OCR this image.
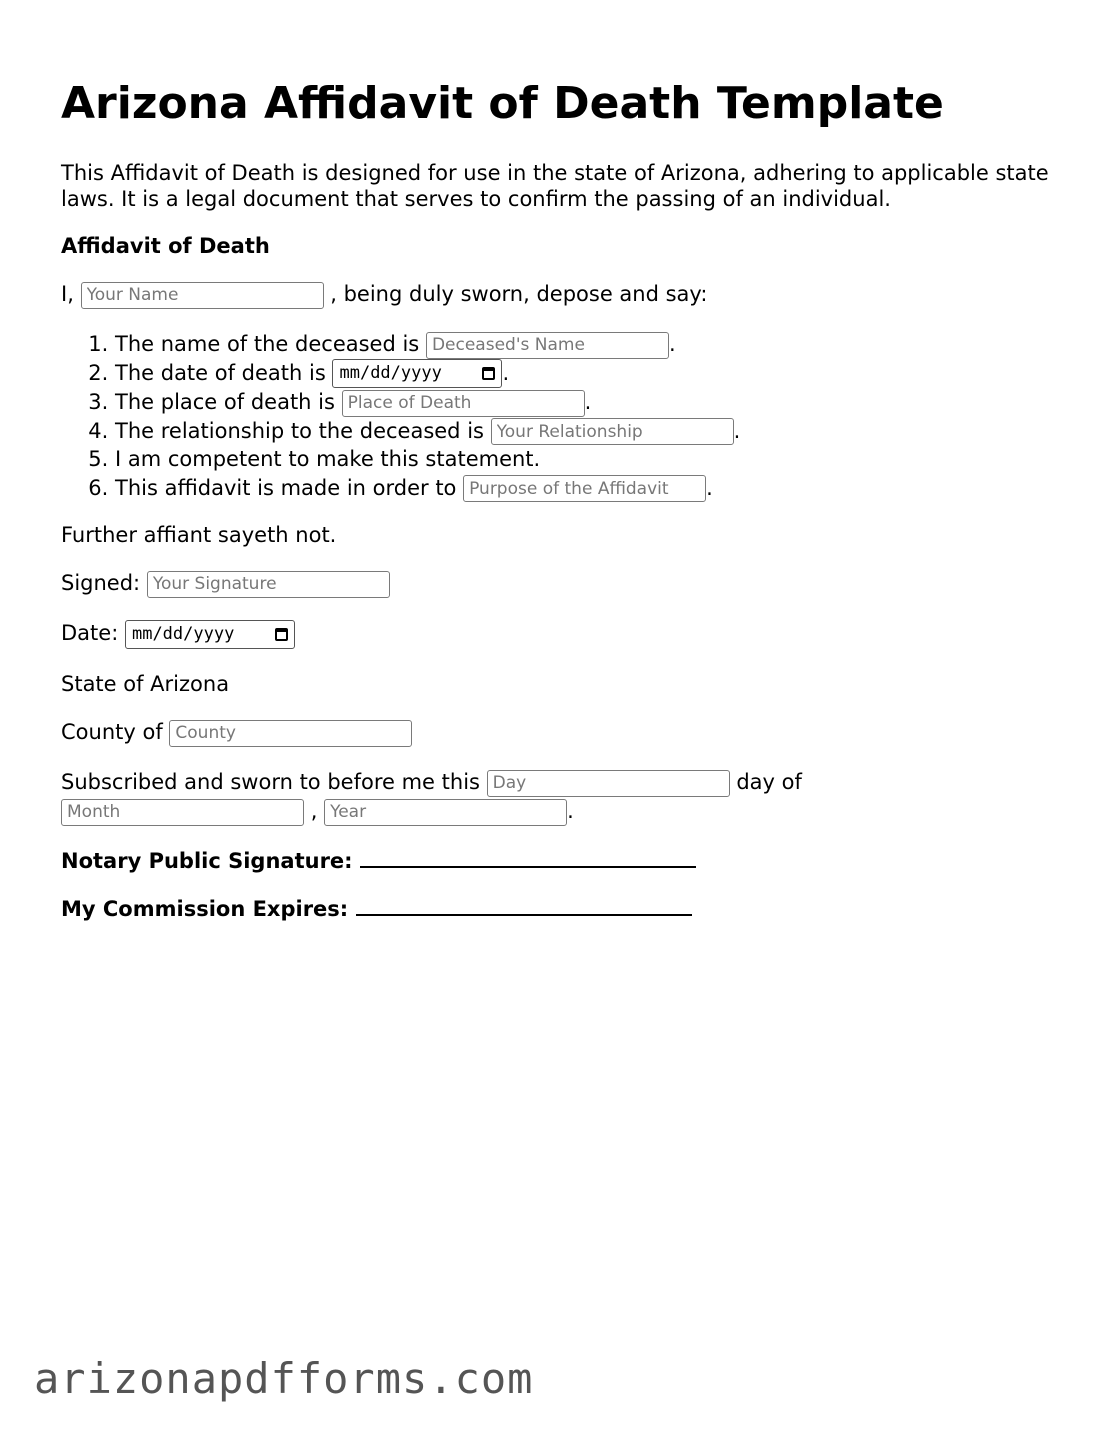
Arizona Affidavit of Death Template

This Affidavit of Death is designed for use in the state of Arizona, adhering to applicable state laws. It is a legal document that serves to confirm the passing of an individual.

Affidavit of Death
I, Your Name	, being duly sworn, depose and say:
1. The name of the deceased is Deceased's Name	.
2. The date of death is mm/dd/yyyy	.
3. The place of death is Place of Death	.
4. The relationship to the deceased is Your Relationship	.
5. I am competent to make this statement.
6. This affidavit is made in order to Purpose of the Affidavit	.
Further affiant sayeth not.
Signed: Your Signature
Date: mm/dd/yyyy
State of Arizona
County of County
Subscribed and sworn to before me this Day	day of
Month , Year	.
Notary Public Signature:
My Commission Expires:
arizonapdfforms.com
